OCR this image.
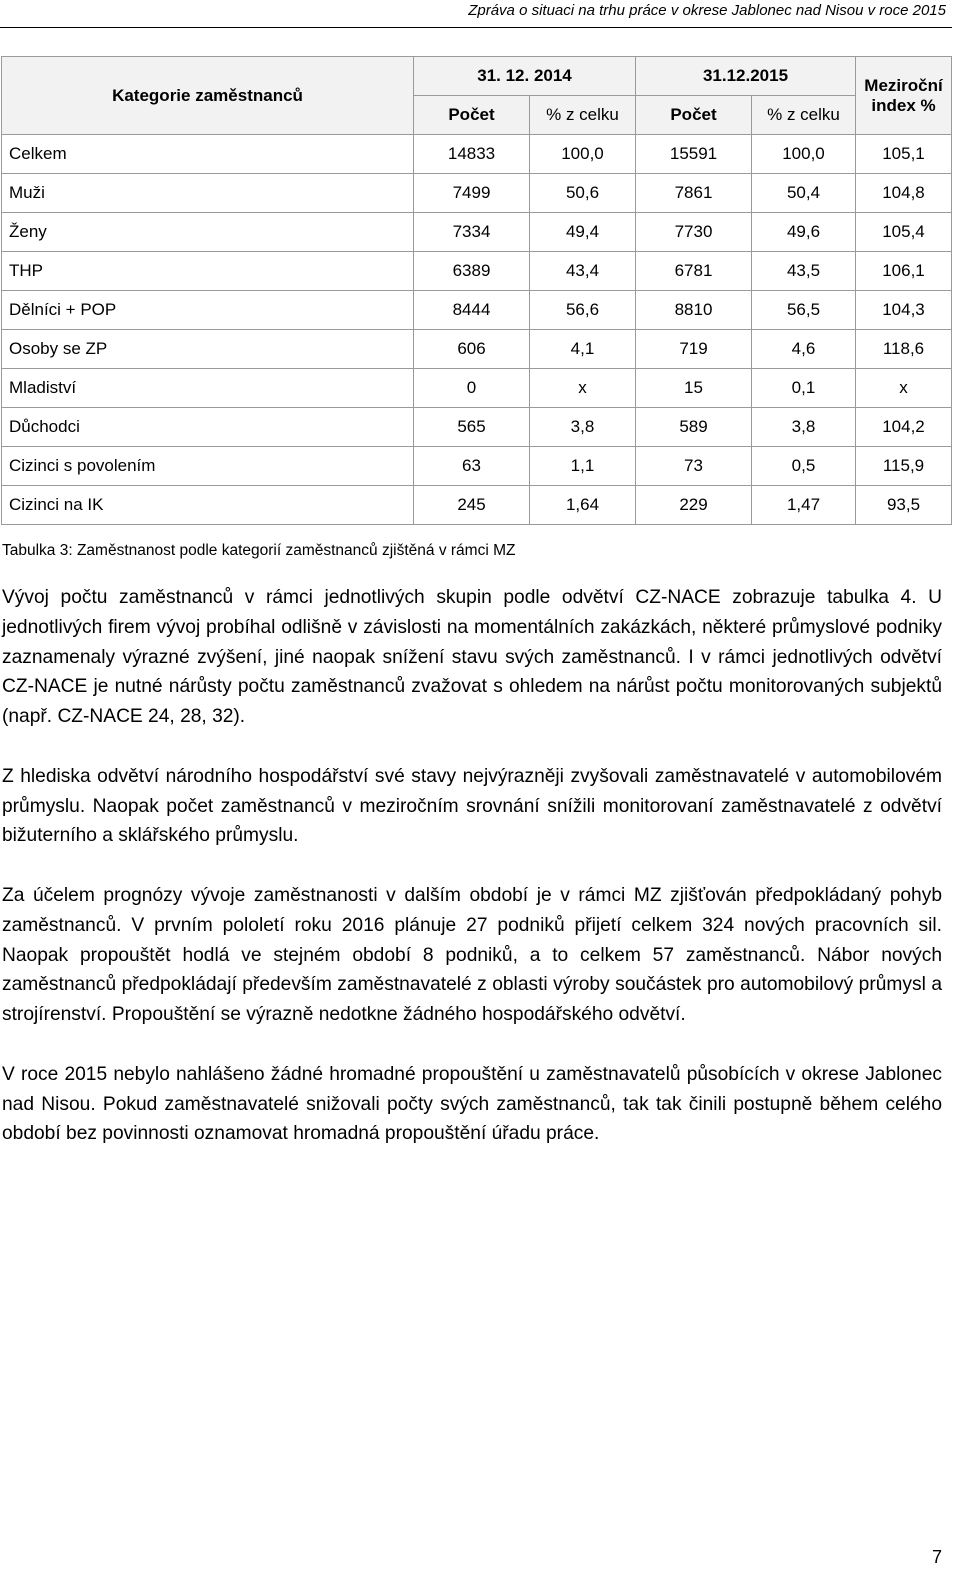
Zpráva o situaci na trhu práce v okrese Jablonec nad Nisou v roce 2015
Kategorie zaměstnanců	31. 12. 2014		31.12.2015		Meziroční index %
	Počet	% z celku	Počet	% z celku	
Celkem	14833	100,0	15591	100,0	105,1
Muži	7499	50,6	7861	50,4	104,8
Ženy	7334	49,4	7730	49,6	105,4
THP	6389	43,4	6781	43,5	106,1
Dělníci + POP	8444	56,6	8810	56,5	104,3
Osoby se ZP	606	4,1	719	4,6	118,6
Mladiství	0	x	15	0,1	x
Důchodci	565	3,8	589	3,8	104,2
Cizinci s povolením	63	1,1	73	0,5	115,9
Cizinci na IK	245	1,64	229	1,47	93,5
Tabulka 3: Zaměstnanost podle kategorií zaměstnanců zjištěná v rámci MZ

Vývoj počtu zaměstnanců v rámci jednotlivých skupin podle odvětví CZ-NACE zobrazuje tabulka 4. U jednotlivých firem vývoj probíhal odlišně v závislosti na momentálních zakázkách, některé průmyslové podniky zaznamenaly výrazné zvýšení, jiné naopak snížení stavu svých zaměstnanců. I v rámci jednotlivých odvětví CZ-NACE je nutné nárůsty počtu zaměstnanců zvažovat s ohledem na nárůst počtu monitorovaných subjektů (např. CZ-NACE 24, 28, 32).

Z hlediska odvětví národního hospodářství své stavy nejvýrazněji zvyšovali zaměstnavatelé v automobilovém průmyslu. Naopak počet zaměstnanců v meziročním srovnání snížili monitorovaní zaměstnavatelé z odvětví bižuterního a sklářského průmyslu.

Za účelem prognózy vývoje zaměstnanosti v dalším období je v rámci MZ zjišťován předpokládaný pohyb zaměstnanců. V prvním pololetí roku 2016 plánuje 27 podniků přijetí celkem 324 nových pracovních sil. Naopak propouštět hodlá ve stejném období 8 podniků, a to celkem 57 zaměstnanců. Nábor nových zaměstnanců předpokládají především zaměstnavatelé z oblasti výroby součástek pro automobilový průmysl a strojírenství. Propouštění se výrazně nedotkne žádného hospodářského odvětví.

V roce 2015 nebylo nahlášeno žádné hromadné propouštění u zaměstnavatelů působících v okrese Jablonec nad Nisou. Pokud zaměstnavatelé snižovali počty svých zaměstnanců, tak tak činili postupně během celého období bez povinnosti oznamovat hromadná propouštění úřadu práce.

7
